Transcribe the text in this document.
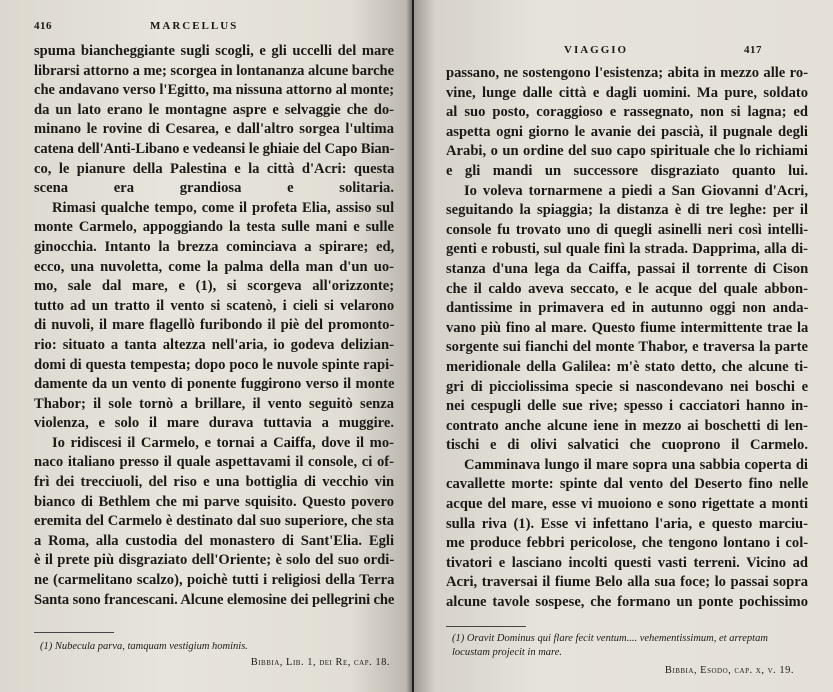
416	MARCELLUS

spuma biancheggiante sugli scogli, e gli uccelli del mare
librarsi attorno a me; scorgea in lontananza alcune barche
che andavano verso l'Egitto, ma nissuna attorno al monte;
da un lato erano le montagne aspre e selvaggie che do-
minano le rovine di Cesarea, e dall'altro sorgea l'ultima
catena dell'Anti-Libano e vedeansi le ghiaie del Capo Bian-
co, le pianure della Palestina e la città d'Acri: questa
scena era grandiosa e solitaria.

Rimasi qualche tempo, come il profeta Elia, assiso sul
monte Carmelo, appoggiando la testa sulle mani e sulle
ginocchia. Intanto la brezza cominciava a spirare; ed,
ecco, una nuvoletta, come la palma della man d'un uo-
mo, sale dal mare, e (1), si scorgeva all'orizzonte;
tutto ad un tratto il vento si scatenò, i cieli si velarono
di nuvoli, il mare flagellò furibondo il piè del promonto-
rio: situato a tanta altezza nell'aria, io godeva delizian-
domi di questa tempesta; dopo poco le nuvole spinte rapi-
damente da un vento di ponente fuggirono verso il monte
Thabor; il sole tornò a brillare, il vento seguitò senza
violenza, e solo il mare durava tuttavia a muggire.

Io ridiscesi il Carmelo, e tornai a Caiffa, dove il mo-
naco italiano presso il quale aspettavami il console, ci of-
frì dei trecciuoli, del riso e una bottiglia di vecchio vin
bianco di Bethlem che mi parve squisito. Questo povero
eremita del Carmelo è destinato dal suo superiore, che sta
a Roma, alla custodia del monastero di Sant'Elia. Egli
è il prete più disgraziato dell'Oriente; è solo del suo ordi-
ne (carmelitano scalzo), poichè tutti i religiosi della Terra
Santa sono francescani. Alcune elemosine dei pellegrini che

(1) Nubecula parva, tamquam vestigium hominis.
Bibbia, Lib. 1, dei Re, cap. 18.
VIAGGIO	417

passano, ne sostengono l'esistenza; abita in mezzo alle ro-
vine, lunge dalle città e dagli uomini. Ma pure, soldato
al suo posto, coraggioso e rassegnato, non si lagna; ed
aspetta ogni giorno le avanie dei pascià, il pugnale degli
Arabi, o un ordine del suo capo spirituale che lo richiami
e gli mandi un successore disgraziato quanto lui.

Io voleva tornarmene a piedi a San Giovanni d'Acri,
seguitando la spiaggia; la distanza è di tre leghe: per il
console fu trovato uno di quegli asinelli neri così intelli-
genti e robusti, sul quale finì la strada. Dapprima, alla di-
stanza d'una lega da Caiffa, passai il torrente di Cison
che il caldo aveva seccato, e le acque del quale abbon-
dantissime in primavera ed in autunno oggi non anda-
vano più fino al mare. Questo fiume intermittente trae la
sorgente sui fianchi del monte Thabor, e traversa la parte
meridionale della Galilea: m'è stato detto, che alcune ti-
gri di picciolissima specie si nascondevano nei boschi e
nei cespugli delle sue rive; spesso i cacciatori hanno in-
contrato anche alcune iene in mezzo ai boschetti di len-
tischi e di olivi salvatici che cuoprono il Carmelo.

Camminava lungo il mare sopra una sabbia coperta di
cavallette morte: spinte dal vento del Deserto fino nelle
acque del mare, esse vi muoiono e sono rigettate a monti
sulla riva (1). Esse vi infettano l'aria, e questo marciu-
me produce febbri pericolose, che tengono lontano i col-
tivatori e lasciano incolti questi vasti terreni. Vicino ad
Acri, traversai il fiume Belo alla sua foce; lo passai sopra
alcune tavole sospese, che formano un ponte pochissimo

(1) Oravit Dominus qui flare fecit ventum.... vehementissimum, et arreptam locustam projecit in mare.
Bibbia, Esodo, cap. x, v. 19.
